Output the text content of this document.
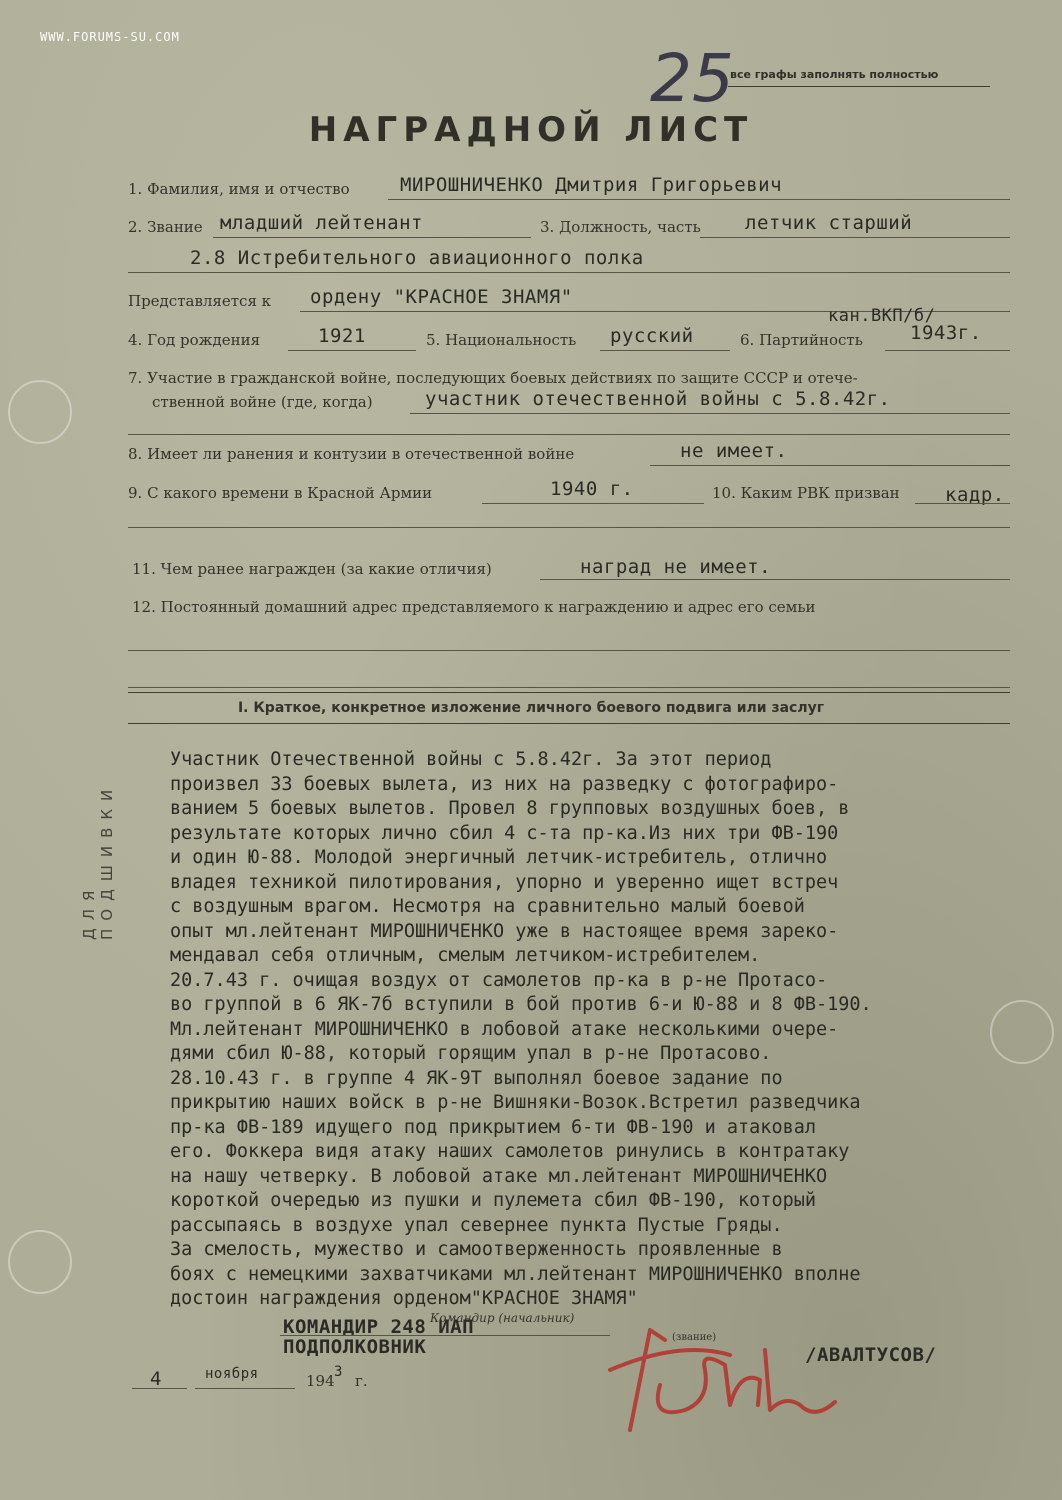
WWW.FORUMS-SU.COM
25
все графы заполнять полностью
НАГРАДНОЙ ЛИСТ
1. Фамилия, имя и отчество	МИРОШНИЧЕНКО Дмитрия Григорьевич
2. Звание младший лейтенант	3. Должность, часть летчик старший
2.8 Истребительного авиационного полка
Представляется к ордену "КРАСНОЕ ЗНАМЯ"
кан.ВКП/б/
4. Год рождения	1921	5. Национальность русский	6. Партийность 1943г.
7. Участие в гражданской войне, последующих боевых действиях по защите СССР и отече-
ственной войне (где, когда)	участник отечественной войны с 5.8.42г.
8. Имеет ли ранения и контузии в отечественной войне	не имеет.
9. С какого времени в Красной Армии	1940 г.	10. Каким РВК призван кадр.
11. Чем ранее награжден (за какие отличия)	наград не имеет.
12. Постоянный домашний адрес представляемого к награждению и адрес его семьи
ДЛЯ ПОДШИВКИ
I. Краткое, конкретное изложение личного боевого подвига или заслуг
Участник Отечественной войны с 5.8.42г. За этот период
произвел 33 боевых вылета, из них на разведку с фотографиро-
ванием 5 боевых вылетов. Провел 8 групповых воздушных боев, в
результате которых лично сбил 4 с-та пр-ка.Из них три ФВ-190
и один Ю-88. Молодой энергичный летчик-истребитель, отлично
владея техникой пилотирования, упорно и уверенно ищет встреч
с воздушным врагом. Несмотря на сравнительно малый боевой
опыт мл.лейтенант МИРОШНИЧЕНКО уже в настоящее время зареко-
мендавал себя отличным, смелым летчиком-истребителем.
20.7.43 г. очищая воздух от самолетов пр-ка в р-не Протасо-
во группой в 6 ЯК-7б вступили в бой против 6-и Ю-88 и 8 ФВ-190.
Мл.лейтенант МИРОШНИЧЕНКО в лобовой атаке несколькими очере-
дями сбил Ю-88, который горящим упал в р-не Протасово.
28.10.43 г. в группе 4 ЯК-9Т выполнял боевое задание по
прикрытию наших войск в р-не Вишняки-Возок.Встретил разведчика
пр-ка ФВ-189 идущего под прикрытием 6-ти ФВ-190 и атаковал
его. Фоккера видя атаку наших самолетов ринулись в контратаку
на нашу четверку. В лобовой атаке мл.лейтенант МИРОШНИЧЕНКО
короткой очередью из пушки и пулемета сбил ФВ-190, который
рассыпаясь в воздухе упал севернее пункта Пустые Гряды.
За смелость, мужество и самоотверженность проявленные в
боях с немецкими захватчиками мл.лейтенант МИРОШНИЧЕНКО вполне
достоин награждения орденом"КРАСНОЕ ЗНАМЯ"
КОМАНДИР 248 ИАП
Командир (начальник)
ПОДПОЛКОВНИК	(звание)
/АВАЛТУСОВ/
4	ноября	194 3 г.
